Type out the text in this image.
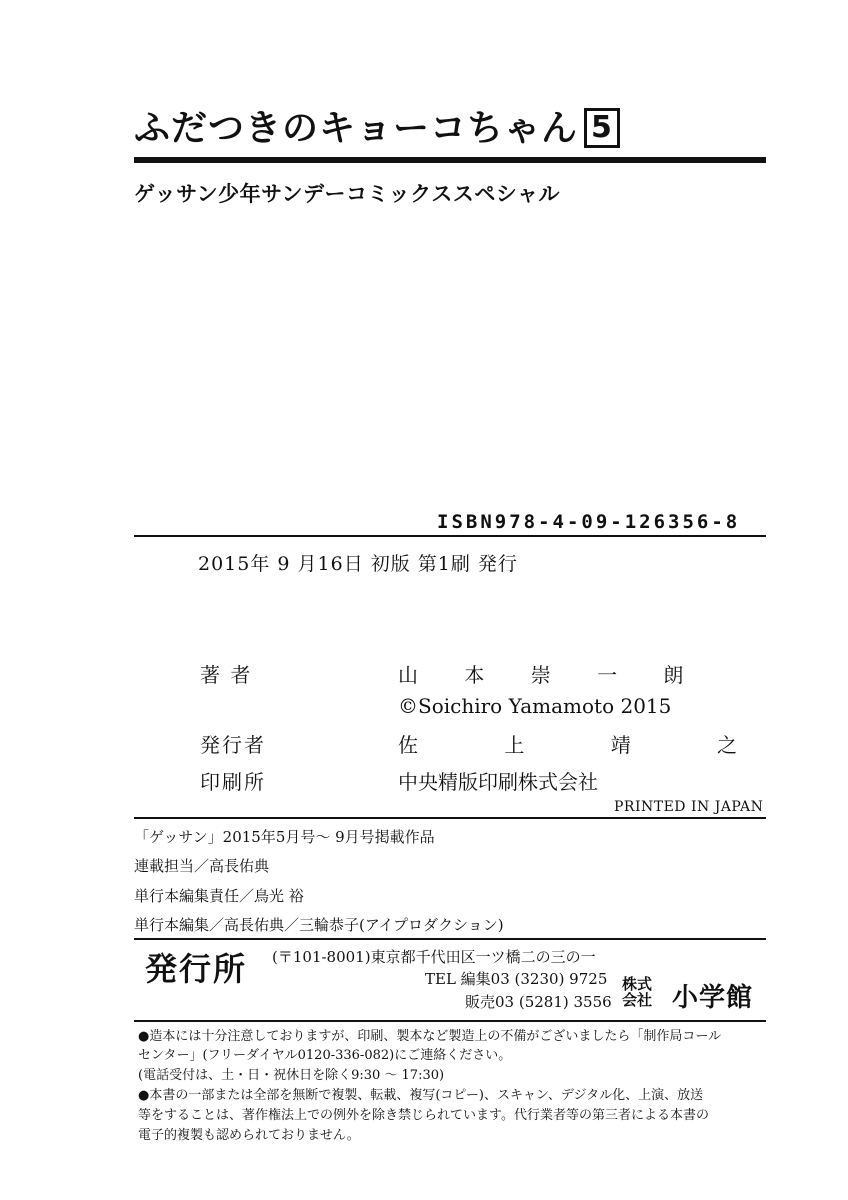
ふだつきのキョーコちゃん 5
ゲッサン少年サンデーコミックススペシャル
ISBN978-4-09-126356-8
2015年 9 月16日 初版 第1刷 発行
著 者	山 本 崇 一 朗
©Soichiro Yamamoto 2015
発行者	佐 上 靖 之
印刷所	中央精版印刷株式会社
PRINTED IN JAPAN
「ゲッサン」2015年5月号～ 9月号掲載作品
連載担当／高長佑典
単行本編集責任／鳥光 裕
単行本編集／高長佑典／三輪恭子(アイプロダクション)
発行所 (〒101-8001)東京都千代田区一ツ橋二の三の一
TEL 編集03 (3230) 9725
販売03 (5281) 3556
株式
会社 小学館
●造本には十分注意しておりますが、印刷、製本など製造上の不備がございましたら「制作局コール
センター」(フリーダイヤル0120-336-082)にご連絡ください。
(電話受付は、土・日・祝休日を除く9:30 ～ 17:30)
●本書の一部または全部を無断で複製、転載、複写(コピー)、スキャン、デジタル化、上演、放送
等をすることは、著作権法上での例外を除き禁じられています。代行業者等の第三者による本書の
電子的複製も認められておりません。
